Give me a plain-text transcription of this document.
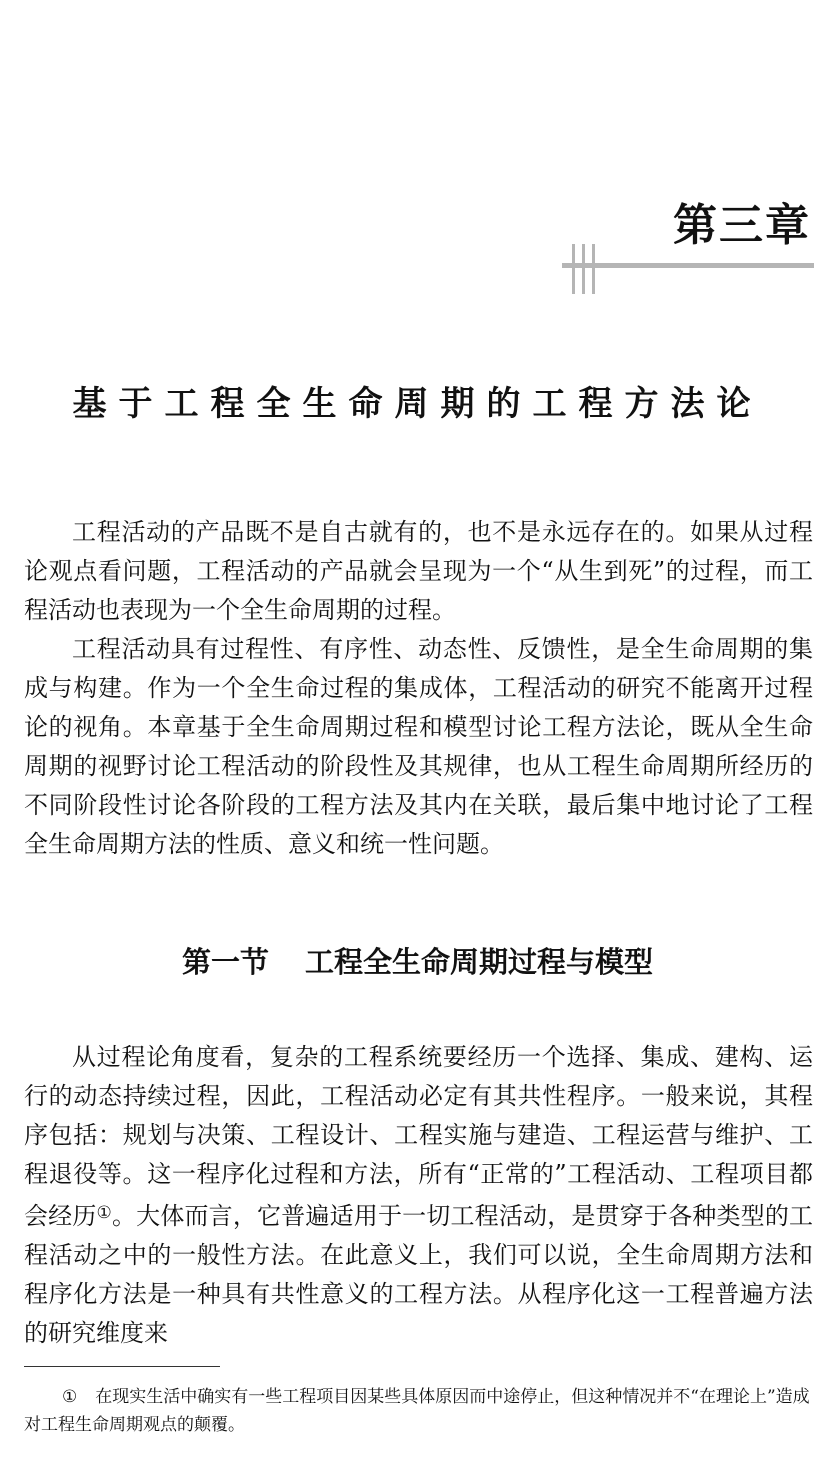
第三章
基于工程全生命周期的工程方法论

工程活动的产品既不是自古就有的，也不是永远存在的。如果从过程论观点看问题，工程活动的产品就会呈现为一个“从生到死”的过程，而工程活动也表现为一个全生命周期的过程。

工程活动具有过程性、有序性、动态性、反馈性，是全生命周期的集成与构建。作为一个全生命过程的集成体，工程活动的研究不能离开过程论的视角。本章基于全生命周期过程和模型讨论工程方法论，既从全生命周期的视野讨论工程活动的阶段性及其规律，也从工程生命周期所经历的不同阶段性讨论各阶段的工程方法及其内在关联，最后集中地讨论了工程全生命周期方法的性质、意义和统一性问题。

第一节 工程全生命周期过程与模型

从过程论角度看，复杂的工程系统要经历一个选择、集成、建构、运行的动态持续过程，因此，工程活动必定有其共性程序。一般来说，其程序包括：规划与决策、工程设计、工程实施与建造、工程运营与维护、工程退役等。这一程序化过程和方法，所有“正常的”工程活动、工程项目都会经历①。大体而言，它普遍适用于一切工程活动，是贯穿于各种类型的工程活动之中的一般性方法。在此意义上，我们可以说，全生命周期方法和程序化方法是一种具有共性意义的工程方法。从程序化这一工程普遍方法的研究维度来

① 在现实生活中确实有一些工程项目因某些具体原因而中途停止，但这种情况并不“在理论上”造成对工程生命周期观点的颠覆。
